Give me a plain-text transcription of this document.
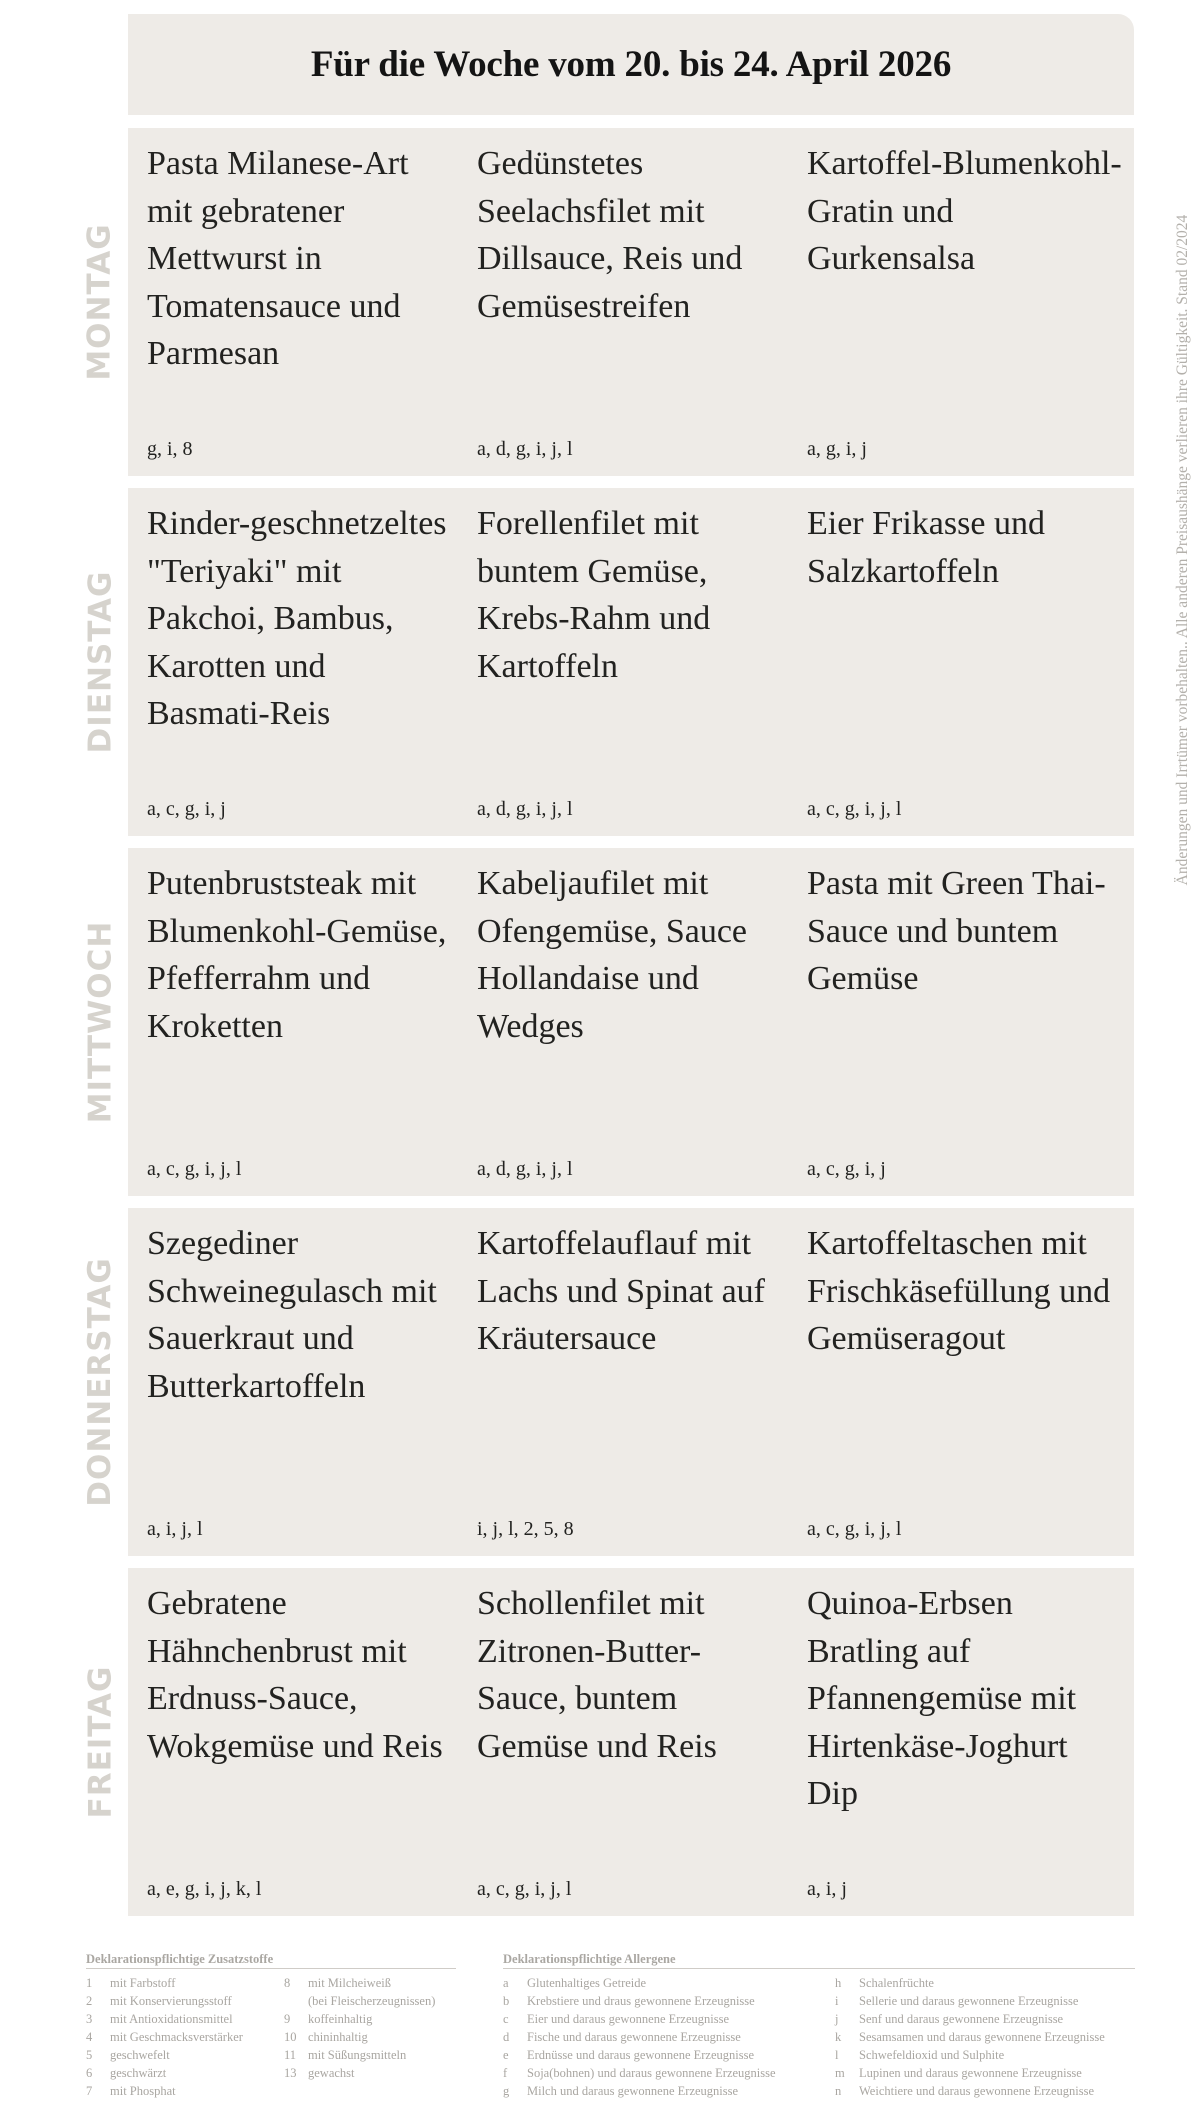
Für die Woche vom 20. bis 24. April 2026
MONTAG
Pasta Milanese-Art mit gebratener Mettwurst in Tomatensauce und Parmesan
g, i, 8
Gedünstetes Seelachsfilet mit Dillsauce, Reis und Gemüsestreifen
a, d, g, i, j, l
Kartoffel-Blumenkohl-Gratin und Gurkensalsa
a, g, i, j
DIENSTAG
Rinder-geschnetzeltes "Teriyaki" mit Pakchoi, Bambus, Karotten und Basmati-Reis
a, c, g, i, j
Forellenfilet mit buntem Gemüse, Krebs-Rahm und Kartoffeln
a, d, g, i, j, l
Eier Frikasse und Salzkartoffeln
a, c, g, i, j, l
MITTWOCH
Putenbruststeak mit Blumenkohl-Gemüse, Pfefferrahm und Kroketten
a, c, g, i, j, l
Kabeljaufilet mit Ofengemüse, Sauce Hollandaise und Wedges
a, d, g, i, j, l
Pasta mit Green Thai-Sauce und buntem Gemüse
a, c, g, i, j
DONNERSTAG
Szegediner Schweinegulasch mit Sauerkraut und Butterkartoffeln
a, i, j, l
Kartoffelauflauf mit Lachs und Spinat auf Kräutersauce
i, j, l, 2, 5, 8
Kartoffeltaschen mit Frischkäsefüllung und Gemüseragout
a, c, g, i, j, l
FREITAG
Gebratene Hähnchenbrust mit Erdnuss-Sauce, Wokgemüse und Reis
a, e, g, i, j, k, l
Schollenfilet mit Zitronen-Butter-Sauce, buntem Gemüse und Reis
a, c, g, i, j, l
Quinoa-Erbsen Bratling auf Pfannengemüse mit Hirtenkäse-Joghurt Dip
a, i, j
Änderungen und Irrtümer vorbehalten.. Alle anderen Preisaushänge verlieren ihre Gültigkeit. Stand 02/2024
Deklarationspflichtige Zusatzstoffe
1 mit Farbstoff
2 mit Konservierungsstoff
3 mit Antioxidationsmittel
4 mit Geschmacksverstärker
5 geschwefelt
6 geschwärzt
7 mit Phosphat
8 mit Milcheiweiß
(bei Fleischerzeugnissen)
9 koffeinhaltig
10 chininhaltig
11 mit Süßungsmitteln
13 gewachst
Deklarationspflichtige Allergene
a Glutenhaltiges Getreide
b Krebstiere und draus gewonnene Erzeugnisse
c Eier und daraus gewonnene Erzeugnisse
d Fische und daraus gewonnene Erzeugnisse
e Erdnüsse und daraus gewonnene Erzeugnisse
f Soja(bohnen) und daraus gewonnene Erzeugnisse
g Milch und daraus gewonnene Erzeugnisse
h Schalenfrüchte
i Sellerie und daraus gewonnene Erzeugnisse
j Senf und daraus gewonnene Erzeugnisse
k Sesamsamen und daraus gewonnene Erzeugnisse
l Schwefeldioxid und Sulphite
m Lupinen und daraus gewonnene Erzeugnisse
n Weichtiere und daraus gewonnene Erzeugnisse
